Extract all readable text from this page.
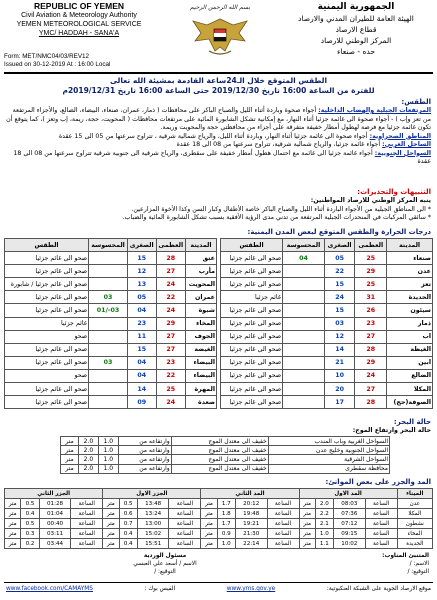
REPUBLIC OF YEMEN
Civil Aviation & Meteorology Authority
YEMEN METEOROLOGICAL SERVICE
YMC/ HADDAH - SANA'A
Form: MET/NMC04/03/REV12
Issued on 30-12-2019 At : 16:00 Local
بسم الله الرحمن الرحيم	الجمهورية اليمنية
الهيئة العامة للطيران المدني والارصاد
قطاع الارصاد
المركز الوطني للارصاد
حده - صنعاء
الطقس المتوقع خلال الـ24ساعة القادمة بمشيئة الله تعالى
للفترة من الساعة 16:00 تاريخ 2019/12/30 حتى الساعة 16:00 تاريخ 2019/12/31م
الطقس:
المرتفعات الجبلية والهضاب الداخلية: أجواء صحوة وباردة أثناء الليل والصباح الباكر على محافظات ( ذمار، عمران، صنعاء، البيضاء، الضالع، والأجزاء المرتفعة من تعز وإب ) - أجواء صحوة الى غائمة جزئيا أثناء النهار، مع إمكانية تشكل الشابورة المائية على مرتفعات محافظات ( المحويت، حجة، ريمة، إب وتعز )، كما يتوقع أن تكون غائمة جزئيا مع فرصة لهطول أمطار خفيفة متفرقة على أجزاء من محافظتي حجة والمحويت وريمة.
المناطق الصحراوية: أجواء صحوة الى غائمة جزئيا أثناء النهار، وباردة أثناء الليل، والرياح شمالية شرقية ، تتراوح سرعتها من 05 الى 15 عقدة
الساحل الغربي: أجواء غائمة جزئيا، والرياح شمالية شرقية، تتراوح سرعتها من 08 الى 18 عقدة
السواحل الجنوبية: أجواء غائمة جزئيا الى غائمة مع احتمال هطول أمطار خفيفة على سقطرى، والرياح شرقية الى جنوبية شرقية تتراوح سرعتها من 08 الى 18 عقدة
التنبيهات والتحذيرات:
ينبه المركز الوطني للارصاد المواطنين:
* الى المناطق الجبلية من الأجواء الباردة أثناء الليل والصباح الباكر خاصة الأطفال وكبار السن وكذا الأخوة المزارعين.
* سائقي المركبات في المنحدرات الجبلية المرتفعة من تدني مدى الرؤية الأفقية بسبب تشكل الشابورة المائية والضباب.
درجات الحرارة والطقس المتوقع لبعض المدن اليمنية:
المدينة	العظمى	الصغرى	المحسوسة	الطقس
عتق	28	15		صحو الى غائم جزئيا
مأرب	27	12		صحو الى غائم جزئيا
المحويت	24	13		صحو الى غائم جزئيا / شابورة
عمران	22	05	03	صحو الى غائم جزئيا
شبوة	24	04	03-/01	صحو الى غائم جزئيا
المخاء	29	23		غائم جزئيا
الجوف	27	11		صحو
الغيضة	27	15		صحو الى غائم جزئيا
البيضاء	23	04	03	صحو الى غائم جزئيا
البيضاء	22	04		صحو
المهرة	25	14		صحو الى غائم جزئيا
صعدة	24	09		صحو الى غائم جزئيا
المدينة	العظمى	الصغرى	المحسوسة	الطقس
صنعاء	25	05	04	صحو الى غائم جزئيا
عدن	29	22		صحو الى غائم جزئيا
تعز	25	15		صحو الى غائم جزئيا
الحديدة	31	24		غائم جزئيا
سيئون	26	15		صحو الى غائم جزئيا
ذمار	23	03		صحو الى غائم جزئيا
اب	27	12		صحو الى غائم جزئيا
الغيظة	28	14		صحو الى غائم جزئيا
ابين	29	21		صحو الى غائم جزئيا
الضالع	24	10		صحو الى غائم جزئيا
المكلا	27	20		صحو الى غائم جزئيا
الصوفة(حج)	28	17		صحو الى غائم جزئيا
حالة البحر:
حالة البحر وارتفاع الموج:
السواحل الغربية وباب المندب	خفيف الى معتدل الموج	وارتفاعه من	1.0	2.0	متر
السواحل الجنوبية وخليج عدن	خفيف الى معتدل الموج	وارتفاعه من	1.0	2.0	متر
السواحل الشرقية	خفيف الى معتدل الموج	وارتفاعه من	1.0	2.0	متر
محافظة سقطرى	خفيف الى معتدل الموج	وارتفاعه من	1.0	2.0	متر
المد والجزر على بعض الموانئ:
الميناء	المد الاول				المد الثاني				الجزر الاول				الجزر الثاني			
عدن	الساعة	08:03	2.0	متر	الساعة	20:12	1.7	متر	الساعة	13:48	0.5	متر	الساعة	01:28	0.5	متر
المكلا	الساعة	07:36	2.2	متر	الساعة	19:48	1.8	متر	الساعة	13:24	0.6	متر	الساعة	01:04	0.4	متر
نشطون	الساعة	07:12	2.1	متر	الساعة	19:21	1.7	متر	الساعة	13:00	0.7	متر	الساعة	00:40	0.5	متر
المخاء	الساعة	09:15	1.0	متر	الساعة	21:30	0.9	متر	الساعة	15:02	0.4	متر	الساعة	03:11	0.3	متر
الحديدة	الساعة	10:02	1.1	متر	الساعة	22:14	1.0	متر	الساعة	15:51	0.4	متر	الساعة	03:44	0.2	متر
المتنبئ المناوب:
الاسم: /
التوقيع: /
مسئول الوردية
الاسم / أسعد علي العبسي
التوقيع: /
www.facebook.com/CAMAYMS	الفيس بوك :	www.yms.gov.ye	موقع الارصاد الجوية على الشبكة العنكبوتية:
